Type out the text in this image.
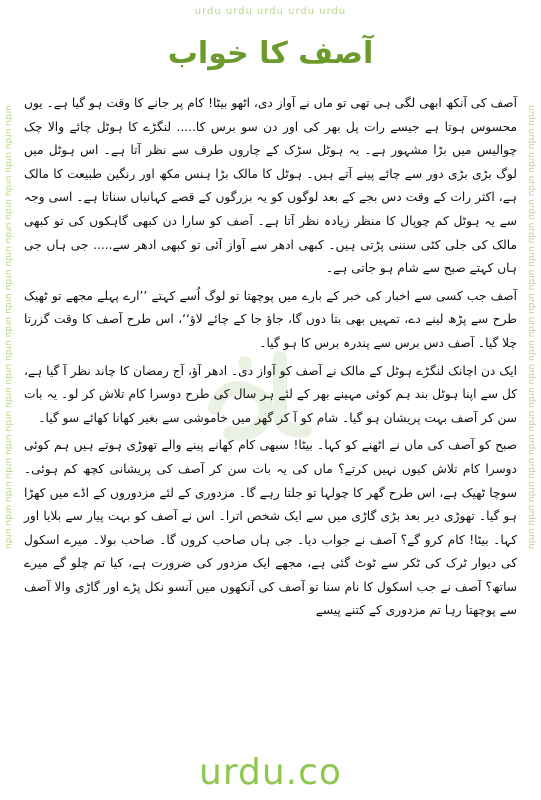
urdu urdu urdu urdu urdu
urdu urdu urdu urdu urdu urdu urdu urdu urdu urdu urdu urdu urdu urdu urdu urdu urdu urdu urdu	urdu urdu urdu urdu urdu urdu urdu urdu urdu urdu urdu urdu urdu urdu urdu urdu urdu urdu urdu
آصف کا خواب

آصف کی آنکھ ابھی لگی ہی تھی تو ماں نے آواز دی، اٹھو بیٹا! کام پر جانے کا وقت ہو گیا ہے۔ یوں محسوس ہوتا ہے جیسے رات پل بھر کی اور دن سو برس کا..... لنگڑے کا ہوٹل چائے والا چک چوالیس میں بڑا مشہور ہے۔ یہ ہوٹل سڑک کے چاروں طرف سے نظر آتا ہے۔ اس ہوٹل میں لوگ بڑی بڑی دور سے چائے پینے آتے ہیں۔ ہوٹل کا مالک بڑا ہنس مکھ اور رنگین طبیعت کا مالک ہے، اکثر رات کے وقت دس بجے کے بعد لوگوں کو یہ بزرگوں کے قصے کہانیاں سناتا ہے۔ اسی وجہ سے یہ ہوٹل کم چوپال کا منظر زیادہ نظر آتا ہے۔ آصف کو سارا دن کبھی گاہکوں کی تو کبھی مالک کی جلی کٹی سننی پڑتی ہیں۔ کبھی ادھر سے آواز آئی تو کبھی ادھر سے..... جی ہاں جی ہاں کہتے صبح سے شام ہو جاتی ہے۔

آصف جب کسی سے اخبار کی خبر کے بارے میں پوچھتا تو لوگ اُسے کہتے ’’ارے پہلے مجھے تو ٹھیک طرح سے پڑھ لینے دے، تمہیں بھی بتا دوں گا، جاؤ جا کے چائے لاؤ‘‘، اس طرح آصف کا وقت گزرتا چلا گیا۔ آصف دس برس سے پندرہ برس کا ہو گیا۔

ایک دن اچانک لنگڑے ہوٹل کے مالک نے آصف کو آواز دی۔ ادھر آؤ، آج رمضان کا چاند نظر آ گیا ہے، کل سے اپنا ہوٹل بند ہم کوئی مہینے بھر کے لئے ہر سال کی طرح دوسرا کام تلاش کر لو۔ یہ بات سن کر آصف بہت پریشان ہو گیا۔ شام کو آ کر گھر میں خاموشی سے بغیر کھانا کھائے سو گیا۔

صبح کو آصف کی ماں نے اٹھنے کو کہا۔ بیٹا! سبھی کام کھانے پینے والے تھوڑی ہوتے ہیں ہم کوئی دوسرا کام تلاش کیوں نہیں کرتے؟ ماں کی یہ بات سن کر آصف کی پریشانی کچھ کم ہوئی۔ سوچا ٹھیک ہے، اس طرح گھر کا چولہا تو جلتا رہے گا۔ مزدوری کے لئے مزدوروں کے اڈے میں کھڑا ہو گیا۔ تھوڑی دیر بعد بڑی گاڑی میں سے ایک شخص اترا۔ اس نے آصف کو بہت پیار سے بلایا اور کہا۔ بیٹا! کام کرو گے؟ آصف نے جواب دیا۔ جی ہاں صاحب کروں گا۔ صاحب بولا۔ میرے اسکول کی دیوار ٹرک کی ٹکر سے ٹوٹ گئی ہے، مجھے ایک مزدور کی ضرورت ہے، کیا تم چلو گے میرے ساتھ؟ آصف نے جب اسکول کا نام سنا تو آصف کی آنکھوں میں آنسو نکل پڑے اور گاڑی والا آصف سے پوچھتا رہا تم مزدوری کے کتنے پیسے

urdu.co
